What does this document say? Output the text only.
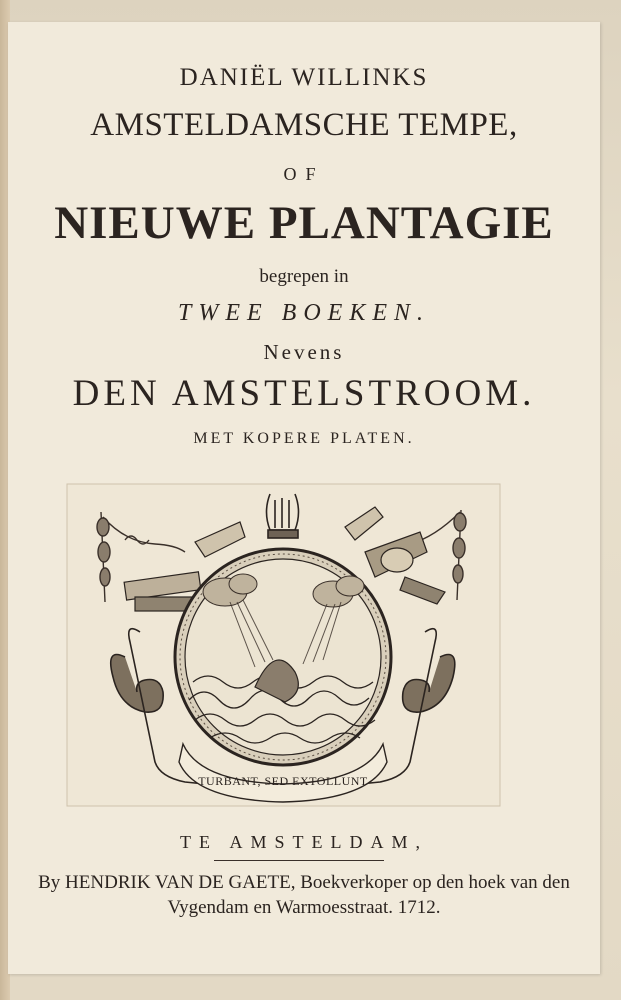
DANIËL WILLINKS
AMSTELDAMSCHE TEMPE,
OF
NIEUWE PLANTAGIE
begrepen in
TWEE BOEKEN.
Nevens
DEN AMSTELSTROOM.
MET KOPERE PLATEN.
TURBANT, SED EXTOLLUNT
TE AMSTELDAM,
By HENDRIK VAN DE GAETE, Boekverkoper op den hoek van den
Vygendam en Warmoesstraat. 1712.
